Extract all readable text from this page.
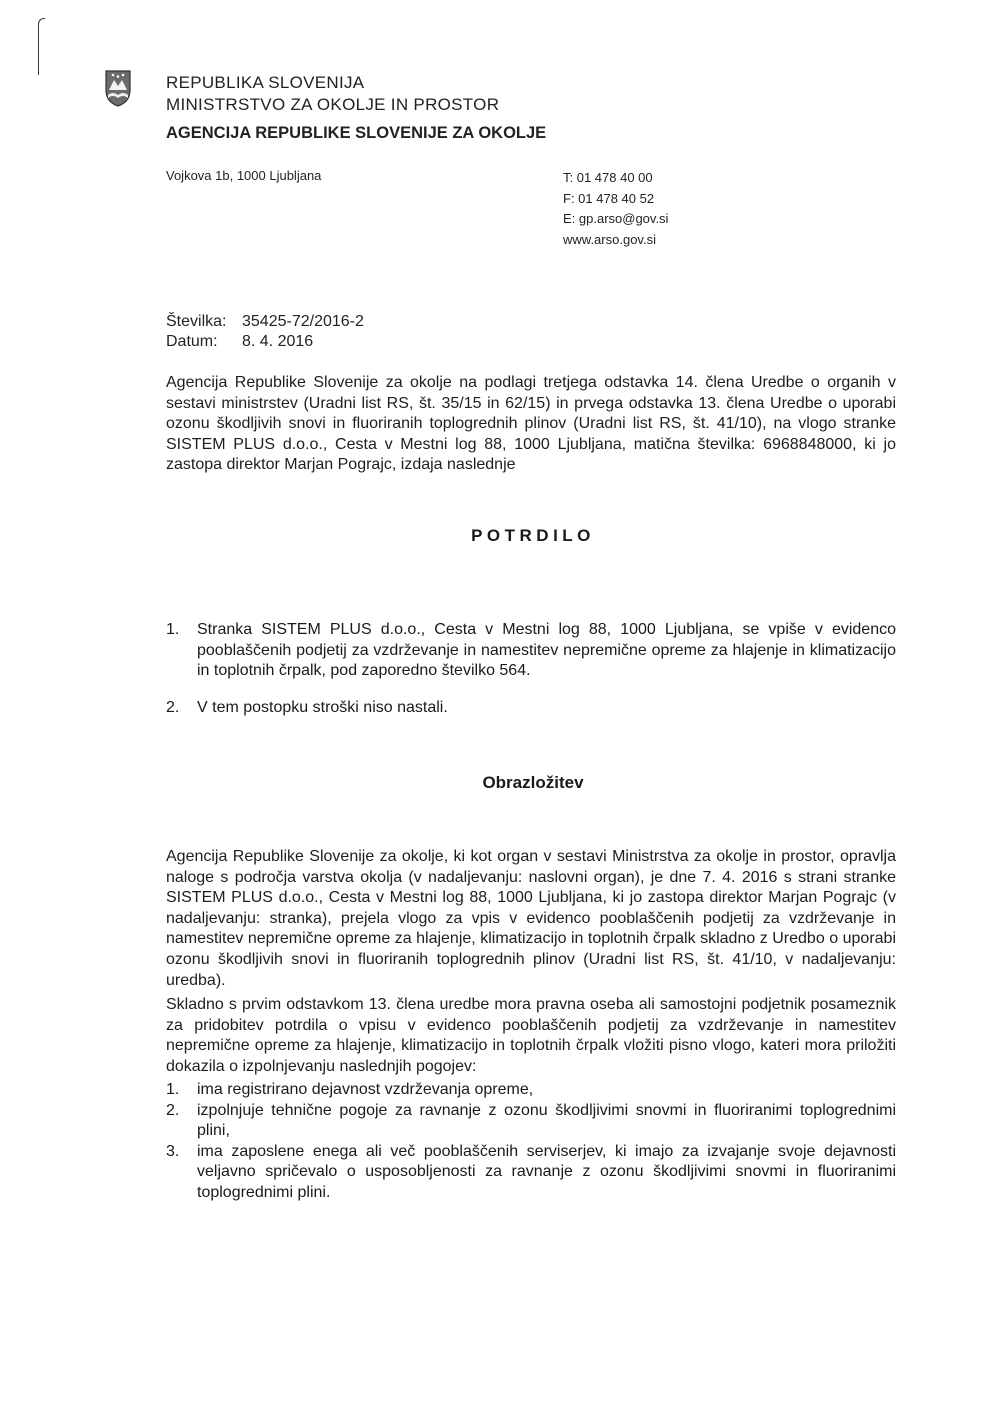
REPUBLIKA SLOVENIJA
MINISTRSTVO ZA OKOLJE IN PROSTOR
AGENCIJA REPUBLIKE SLOVENIJE ZA OKOLJE
Vojkova 1b, 1000 Ljubljana	T: 01 478 40 00
F: 01 478 40 52
E: gp.arso@gov.si
www.arso.gov.si
Številka: 35425-72/2016-2
Datum: 8. 4. 2016

Agencija Republike Slovenije za okolje na podlagi tretjega odstavka 14. člena Uredbe o organih v sestavi ministrstev (Uradni list RS, št. 35/15 in 62/15) in prvega odstavka 13. člena Uredbe o uporabi ozonu škodljivih snovi in fluoriranih toplogrednih plinov (Uradni list RS, št. 41/10), na vlogo stranke SISTEM PLUS d.o.o., Cesta v Mestni log 88, 1000 Ljubljana, matična številka: 6968848000, ki jo zastopa direktor Marjan Pograjc, izdaja naslednje

POTRDILO
1. Stranka SISTEM PLUS d.o.o., Cesta v Mestni log 88, 1000 Ljubljana, se vpiše v evidenco pooblaščenih podjetij za vzdrževanje in namestitev nepremične opreme za hlajenje in klimatizacijo in toplotnih črpalk, pod zaporedno številko 564.
2. V tem postopku stroški niso nastali.
Obrazložitev

Agencija Republike Slovenije za okolje, ki kot organ v sestavi Ministrstva za okolje in prostor, opravlja naloge s področja varstva okolja (v nadaljevanju: naslovni organ), je dne 7. 4. 2016 s strani stranke SISTEM PLUS d.o.o., Cesta v Mestni log 88, 1000 Ljubljana, ki jo zastopa direktor Marjan Pograjc (v nadaljevanju: stranka), prejela vlogo za vpis v evidenco pooblaščenih podjetij za vzdrževanje in namestitev nepremične opreme za hlajenje, klimatizacijo in toplotnih črpalk skladno z Uredbo o uporabi ozonu škodljivih snovi in fluoriranih toplogrednih plinov (Uradni list RS, št. 41/10, v nadaljevanju: uredba).

Skladno s prvim odstavkom 13. člena uredbe mora pravna oseba ali samostojni podjetnik posameznik za pridobitev potrdila o vpisu v evidenco pooblaščenih podjetij za vzdrževanje in namestitev nepremične opreme za hlajenje, klimatizacijo in toplotnih črpalk vložiti pisno vlogo, kateri mora priložiti dokazila o izpolnjevanju naslednjih pogojev:

1. ima registrirano dejavnost vzdrževanja opreme,
2. izpolnjuje tehnične pogoje za ravnanje z ozonu škodljivimi snovmi in fluoriranimi toplogrednimi plini,
3. ima zaposlene enega ali več pooblaščenih serviserjev, ki imajo za izvajanje svoje dejavnosti veljavno spričevalo o usposobljenosti za ravnanje z ozonu škodljivimi snovmi in fluoriranimi toplogrednimi plini.
